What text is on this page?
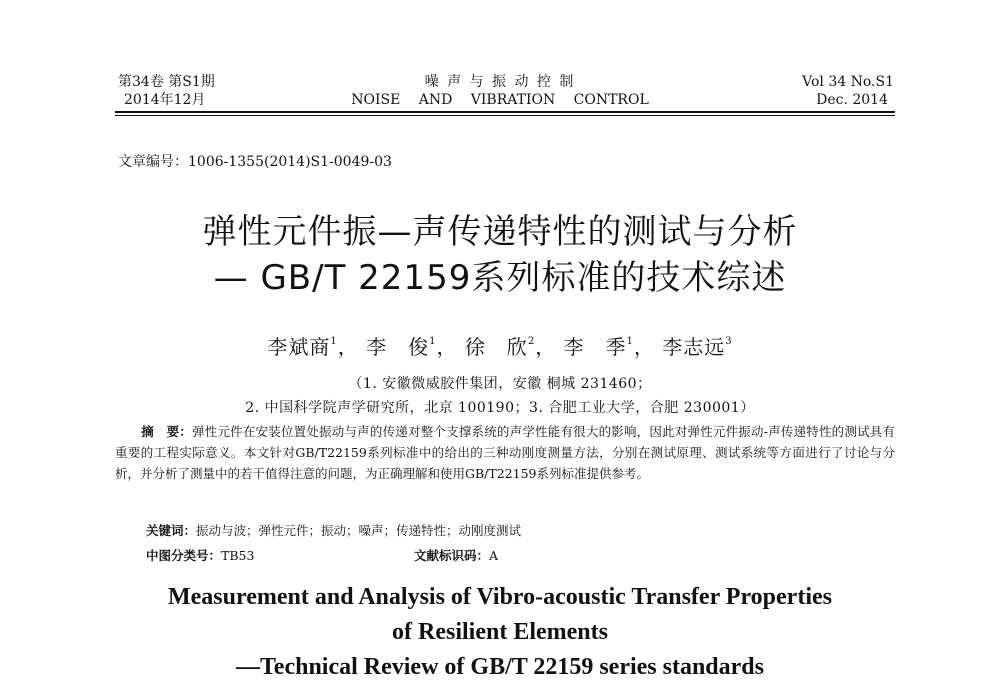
第34卷 第S1期
2014年12月
噪 声 与 振 动 控 制
NOISE AND VIBRATION CONTROL
Vol 34 No.S1
Dec. 2014
文章编号：1006-1355(2014)S1-0049-03
弹性元件振—声传递特性的测试与分析
— GB/T 22159系列标准的技术综述
李斌商$^1$， 李　俊$^1$， 徐　欣$^2$， 李　季$^1$， 李志远$^3$
（1. 安徽微威胶件集团，安徽 桐城 231460；
2. 中国科学院声学研究所，北京 100190；3. 合肥工业大学，合肥 230001）
摘　要：弹性元件在安装位置处振动与声的传递对整个支撑系统的声学性能有很大的影响，因此对弹性元件振动-声传递特性的测试具有重要的工程实际意义。本文针对GB/T22159系列标准中的给出的三种动刚度测量方法，分别在测试原理、测试系统等方面进行了讨论与分析，并分析了测量中的若干值得注意的问题，为正确理解和使用GB/T22159系列标准提供参考。
关键词：振动与波；弹性元件；振动；噪声；传递特性；动刚度测试
中图分类号：TB53	文献标识码：A
Measurement and Analysis of Vibro-acoustic Transfer Properties
of Resilient Elements
—Technical Review of GB/T 22159 series standards
